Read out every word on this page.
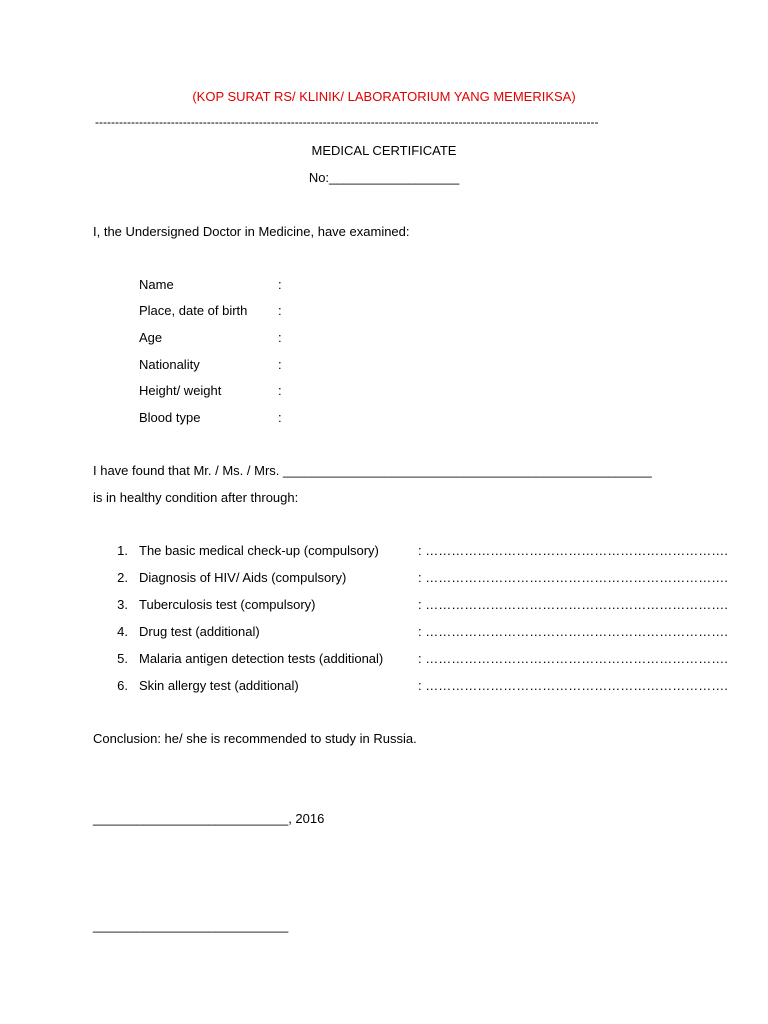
(KOP SURAT RS/ KLINIK/ LABORATORIUM YANG MEMERIKSA)
------------------------------------------------------------------------------------------------------------------------------
MEDICAL CERTIFICATE
No:__________________
I, the Undersigned Doctor in Medicine, have examined:
Name	:
Place, date of birth :
Age	:
Nationality	:
Height/ weight	:
Blood type	:
I have found that Mr. / Ms. / Mrs. ___________________________________________________
is in healthy condition after through:
1. The basic medical check-up (compulsory)	: …………………………………………………………….
2. Diagnosis of HIV/ Aids (compulsory)	: …………………………………………………………….
3. Tuberculosis test (compulsory)	: …………………………………………………………….
4. Drug test (additional)	: …………………………………………………………….
5. Malaria antigen detection tests (additional)	: …………………………………………………………….
6. Skin allergy test (additional)	: …………………………………………………………….
Conclusion: he/ she is recommended to study in Russia.
___________________________, 2016
___________________________
